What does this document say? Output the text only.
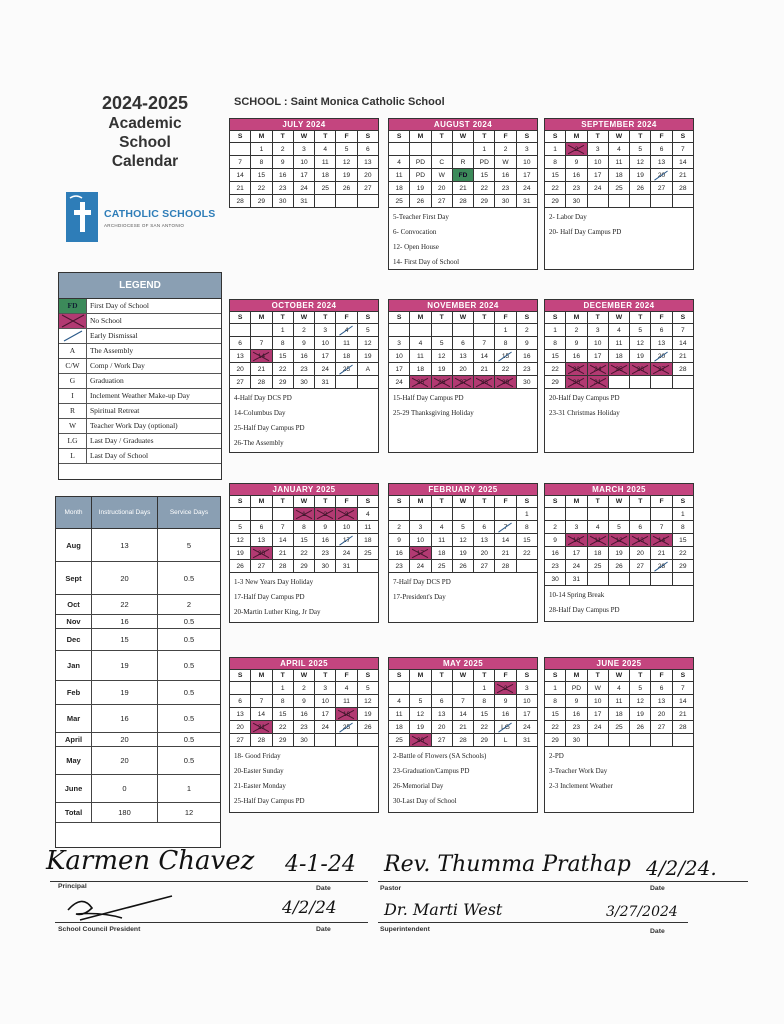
2024-2025
Academic
School
Calendar
SCHOOL : Saint Monica Catholic School
CATHOLIC SCHOOLS
ARCHDIOCESE OF SAN ANTONIO
LEGEND
FD	First Day of School
No School
Early Dismissal
A	The Assembly
C/W	Comp / Work Day
G	Graduation
I	Inclement Weather Make-up Day
R	Spiritual Retreat
W	Teacher Work Day (optional)
LG	Last Day / Graduates
L	Last Day of School
Month	Instructional Days	Service Days
Aug	13	5
Sept	20	0.5
Oct	22	2
Nov	16	0.5
Dec	15	0.5
Jan	19	0.5
Feb	19	0.5
Mar	16	0.5
April	20	0.5
May	20	0.5
June	0	1
Total	180	12
JULY 2024
S	M	T	W	T	F	S
	1	2	3	4	5	6
7	8	9	10	11	12	13
14	15	16	17	18	19	20
21	22	23	24	25	26	27
28	29	30	31			
AUGUST 2024
S	M	T	W	T	F	S
				1	2	3
4	PD	C	R	PD	W	10
11	PD	W	FD	15	16	17
18	19	20	21	22	23	24
25	26	27	28	29	30	31
5-Teacher First Day
6- Convocation
12- Open House
14- First Day of School
SEPTEMBER 2024
S	M	T	W	T	F	S
1	2	3	4	5	6	7
8	9	10	11	12	13	14
15	16	17	18	19	20	21
22	23	24	25	26	27	28
29	30					
2- Labor Day
20- Half Day Campus PD
OCTOBER 2024
S	M	T	W	T	F	S
		1	2	3	4	5
6	7	8	9	10	11	12
13	14	15	16	17	18	19
20	21	22	23	24	25	A
27	28	29	30	31		
4-Half Day DCS PD
14-Columbus Day
25-Half Day Campus PD
26-The Assembly
NOVEMBER 2024
S	M	T	W	T	F	S
					1	2
3	4	5	6	7	8	9
10	11	12	13	14	15	16
17	18	19	20	21	22	23
24	25	26	27	28	29	30
15-Half Day Campus PD
25-29 Thanksgiving Holiday
DECEMBER 2024
S	M	T	W	T	F	S
1	2	3	4	5	6	7
8	9	10	11	12	13	14
15	16	17	18	19	20	21
22	23	24	25	26	27	28
29	30	31				
20-Half Day Campus PD
23-31 Christmas Holiday
JANUARY 2025
S	M	T	W	T	F	S
			1	2	3	4
5	6	7	8	9	10	11
12	13	14	15	16	17	18
19	20	21	22	23	24	25
26	27	28	29	30	31	
1-3 New Years Day Holiday
17-Half Day Campus PD
20-Martin Luther King, Jr Day
FEBRUARY 2025
S	M	T	W	T	F	S
						1
2	3	4	5	6	7	8
9	10	11	12	13	14	15
16	17	18	19	20	21	22
23	24	25	26	27	28	
7-Half Day DCS PD
17-President's Day
MARCH 2025
S	M	T	W	T	F	S
						1
2	3	4	5	6	7	8
9	10	11	12	13	14	15
16	17	18	19	20	21	22
23	24	25	26	27	28	29
30	31					
10-14 Spring Break
28-Half Day Campus PD
APRIL 2025
S	M	T	W	T	F	S
		1	2	3	4	5
6	7	8	9	10	11	12
13	14	15	16	17	18	19
20	21	22	23	24	25	26
27	28	29	30			
18- Good Friday
20-Easter Sunday
21-Easter Monday
25-Half Day Campus PD
MAY 2025
S	M	T	W	T	F	S
				1	2	3
4	5	6	7	8	9	10
11	12	13	14	15	16	17
18	19	20	21	22	LG	24
25	26	27	28	29	L	31
2-Battle of Flowers (SA Schools)
23-Graduation/Campus PD
26-Memorial Day
30-Last Day of School
JUNE 2025
S	M	T	W	T	F	S
1	PD	W	4	5	6	7
8	9	10	11	12	13	14
15	16	17	18	19	20	21
22	23	24	25	26	27	28
29	30					
2-PD
3-Teacher Work Day
2-3 Inclement Weather
Karmen Chavez 4-1-24 Rev. Thumma Prathap 4/2/24.
Principal	Date	Pastor	Date
4/2/24	Dr. Marti West	3/27/2024
School Council President	Date	Superintendent	Date
